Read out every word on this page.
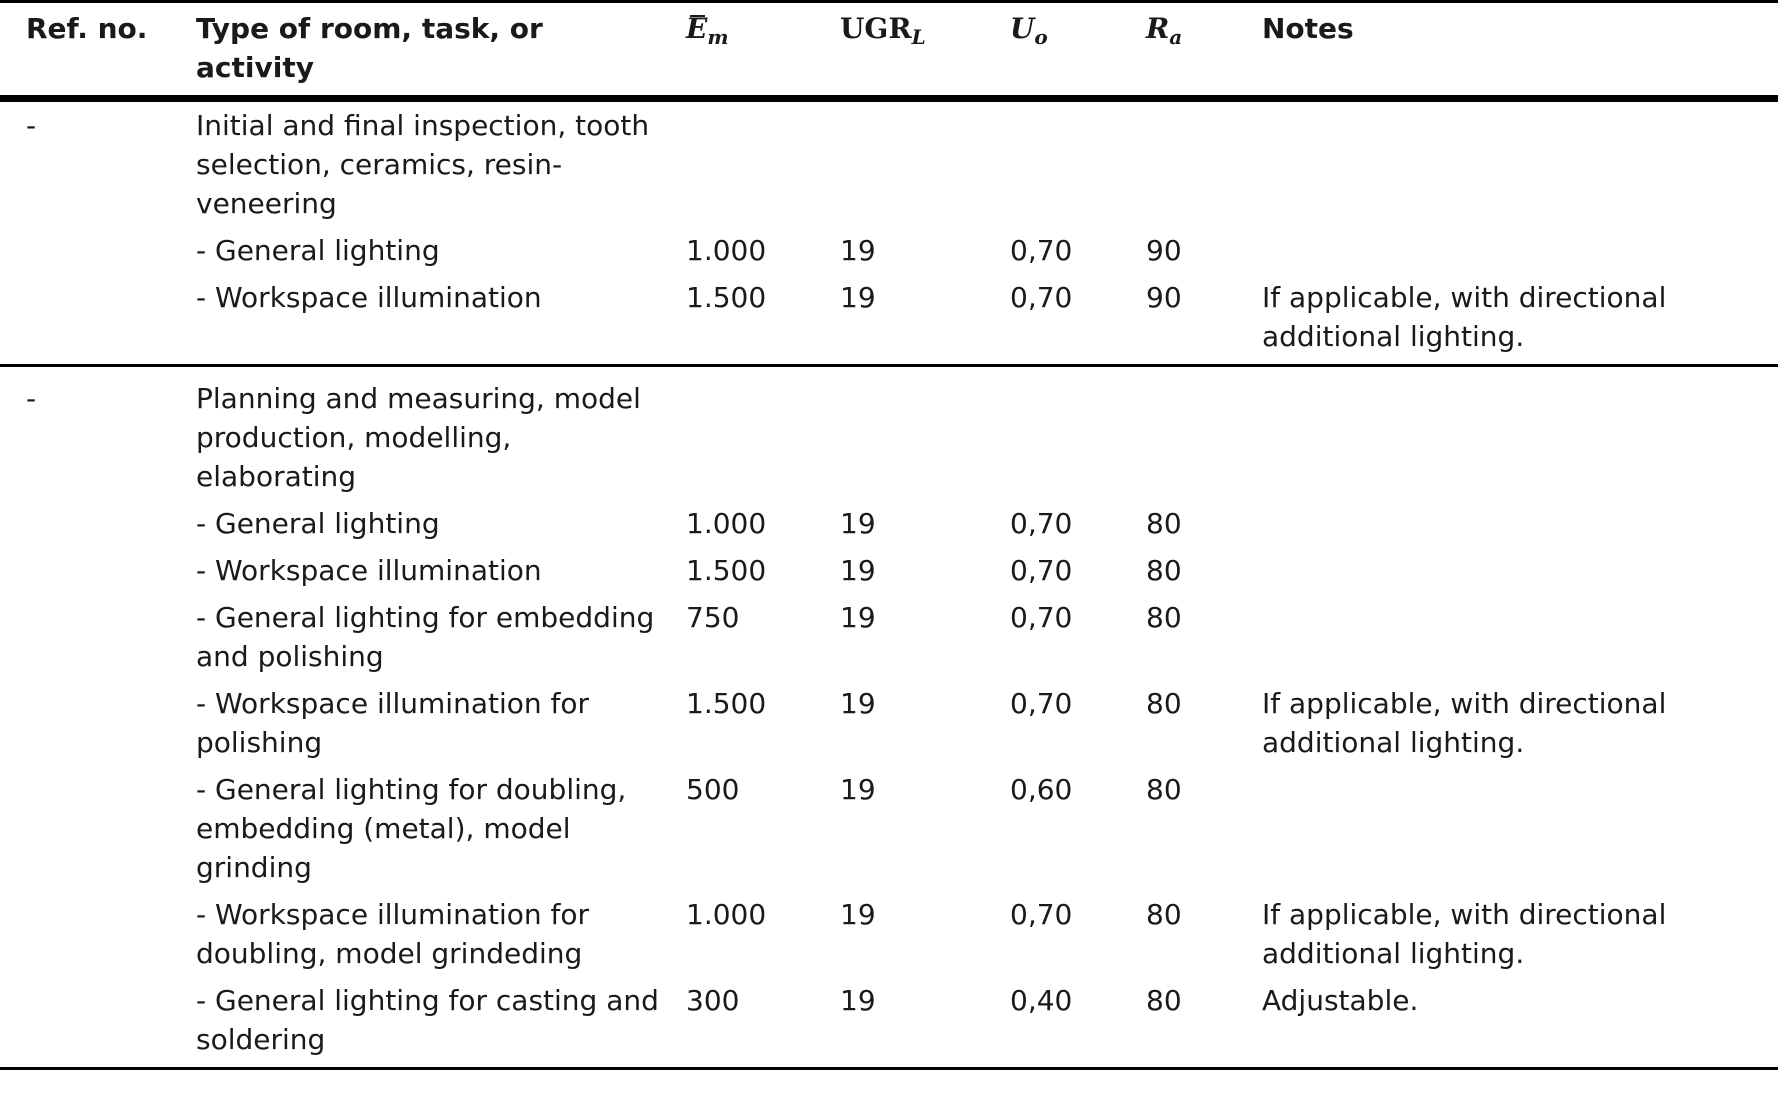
Ref. no.	Type of room, task, or activity	$E_m$	$UGR_L$	$U_o$	$R_a$	Notes
-	Initial and final inspection, tooth selection, ceramics, resin-veneering					
	- General lighting	1.000	19	0,70	90	
	- Workspace illumination	1.500	19	0,70	90	If applicable, with directional additional lighting.
-	Planning and measuring, model production, modelling, elaborating					
	- General lighting	1.000	19	0,70	80	
	- Workspace illumination	1.500	19	0,70	80	
	- General lighting for embedding and polishing	750	19	0,70	80	
	- Workspace illumination for polishing	1.500	19	0,70	80	If applicable, with directional additional lighting.
	- General lighting for doubling, embedding (metal), model grinding	500	19	0,60	80	
	- Workspace illumination for doubling, model grindeding	1.000	19	0,70	80	If applicable, with directional additional lighting.
	- General lighting for casting and soldering	300	19	0,40	80	Adjustable.
